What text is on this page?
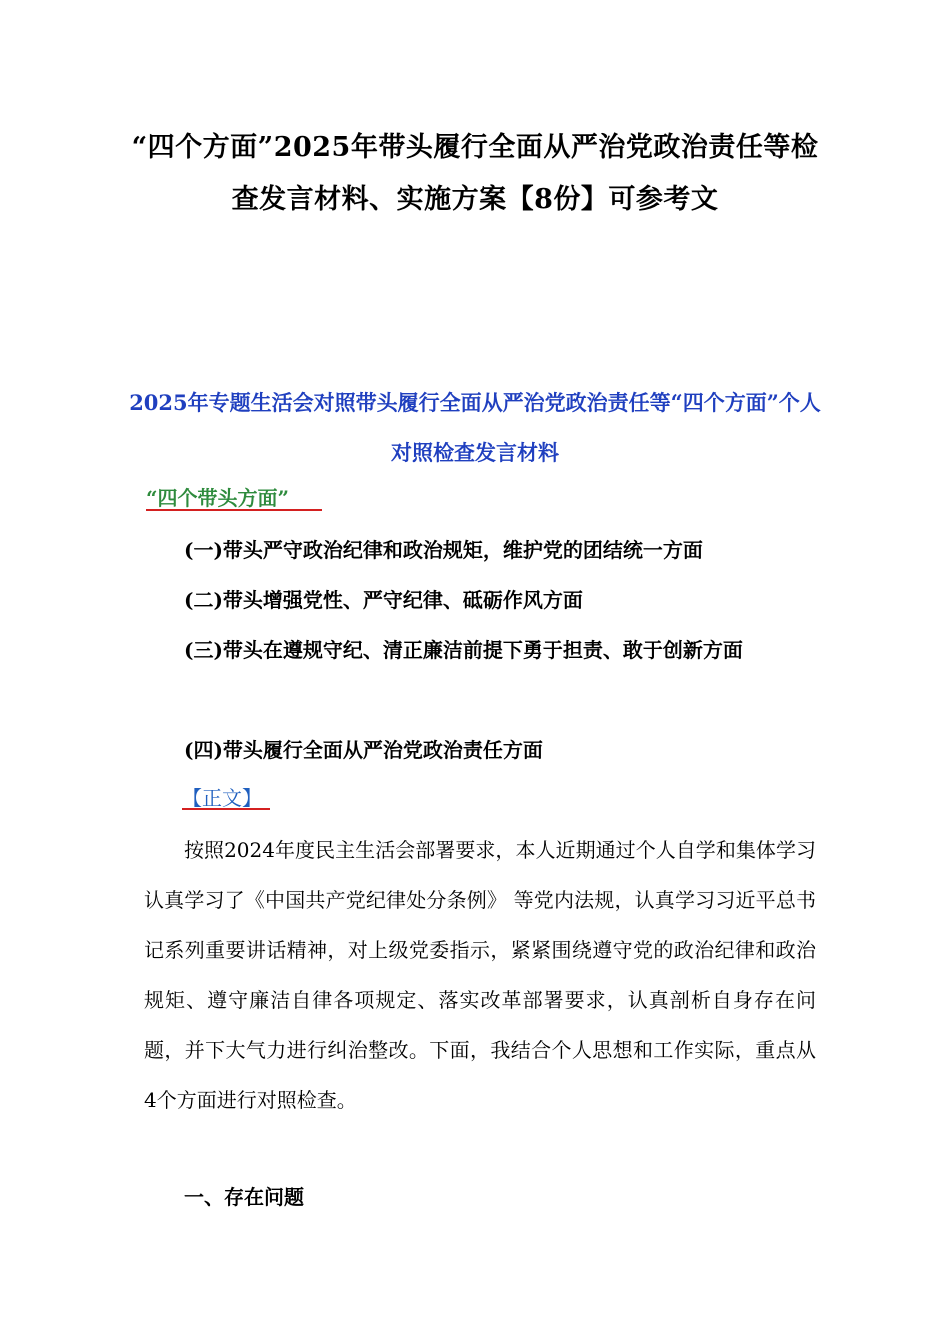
“四个方面”2025年带头履行全面从严治党政治责任等检查发言材料、实施方案【8份】可参考文
2025年专题生活会对照带头履行全面从严治党政治责任等“四个方面”个人对照检查发言材料
“四个带头方面”
(一)带头严守政治纪律和政治规矩，维护党的团结统一方面
(二)带头增强党性、严守纪律、砥砺作风方面
(三)带头在遵规守纪、清正廉洁前提下勇于担责、敢于创新方面
(四)带头履行全面从严治党政治责任方面
【正文】
按照2024年度民主生活会部署要求，本人近期通过个人自学和集体学习认真学习了《中国共产党纪律处分条例》 等党内法规，认真学习习近平总书记系列重要讲话精神，对上级党委指示，紧紧围绕遵守党的政治纪律和政治规矩、遵守廉洁自律各项规定、落实改革部署要求，认真剖析自身存在问题，并下大气力进行纠治整改。下面，我结合个人思想和工作实际，重点从4个方面进行对照检查。
一、存在问题
